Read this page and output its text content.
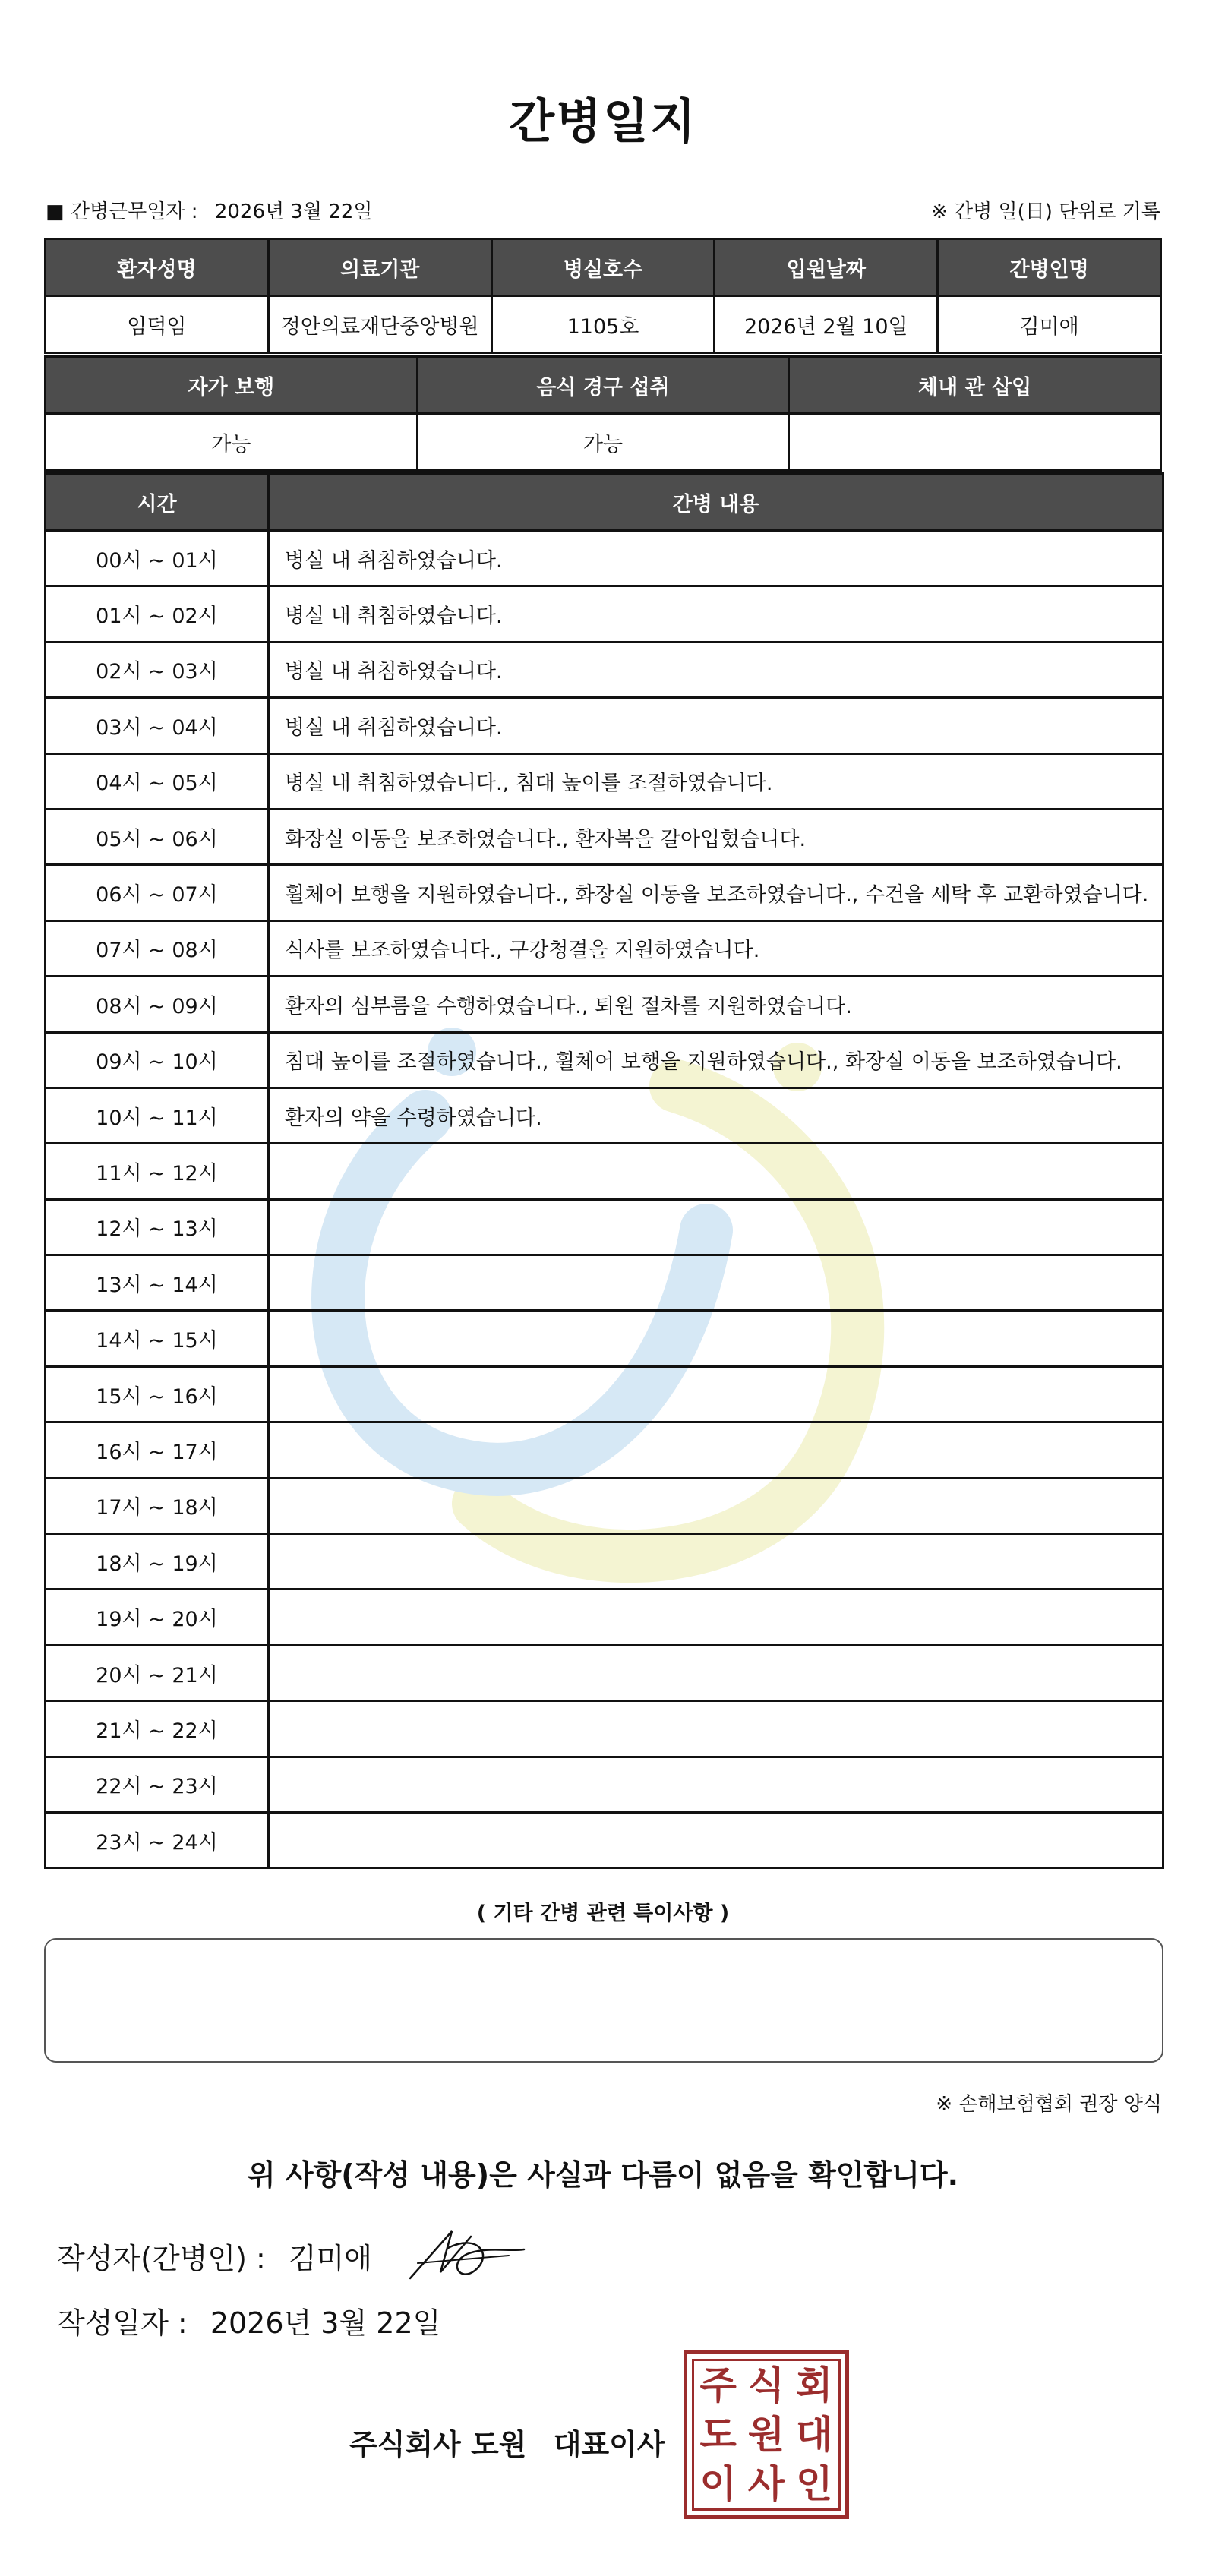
간병일지
■ 간병근무일자 : 2026년 3월 22일	※ 간병 일(日) 단위로 기록
환자성명	의료기관	병실호수	입원날짜	간병인명
임덕임	정안의료재단중앙병원	1105호	2026년 2월 10일	김미애
자가 보행	음식 경구 섭취	체내 관 삽입
가능	가능	
시간	간병 내용
00시 ~ 01시	병실 내 취침하였습니다.
01시 ~ 02시	병실 내 취침하였습니다.
02시 ~ 03시	병실 내 취침하였습니다.
03시 ~ 04시	병실 내 취침하였습니다.
04시 ~ 05시	병실 내 취침하였습니다., 침대 높이를 조절하였습니다.
05시 ~ 06시	화장실 이동을 보조하였습니다., 환자복을 갈아입혔습니다.
06시 ~ 07시	휠체어 보행을 지원하였습니다., 화장실 이동을 보조하였습니다., 수건을 세탁 후 교환하였습니다.
07시 ~ 08시	식사를 보조하였습니다., 구강청결을 지원하였습니다.
08시 ~ 09시	환자의 심부름을 수행하였습니다., 퇴원 절차를 지원하였습니다.
09시 ~ 10시	침대 높이를 조절하였습니다., 휠체어 보행을 지원하였습니다., 화장실 이동을 보조하였습니다.
10시 ~ 11시	환자의 약을 수령하였습니다.
11시 ~ 12시	
12시 ~ 13시	
13시 ~ 14시	
14시 ~ 15시	
15시 ~ 16시	
16시 ~ 17시	
17시 ~ 18시	
18시 ~ 19시	
19시 ~ 20시	
20시 ~ 21시	
21시 ~ 22시	
22시 ~ 23시	
23시 ~ 24시	
( 기타 간병 관련 특이사항 )
※ 손해보험협회 권장 양식
위 사항(작성 내용)은 사실과 다름이 없음을 확인합니다.
작성자(간병인) : 김미애
작성일자 : 2026년 3월 22일
주식회사 도원 대표이사
주 식 회
도 원 대
이 사 인
